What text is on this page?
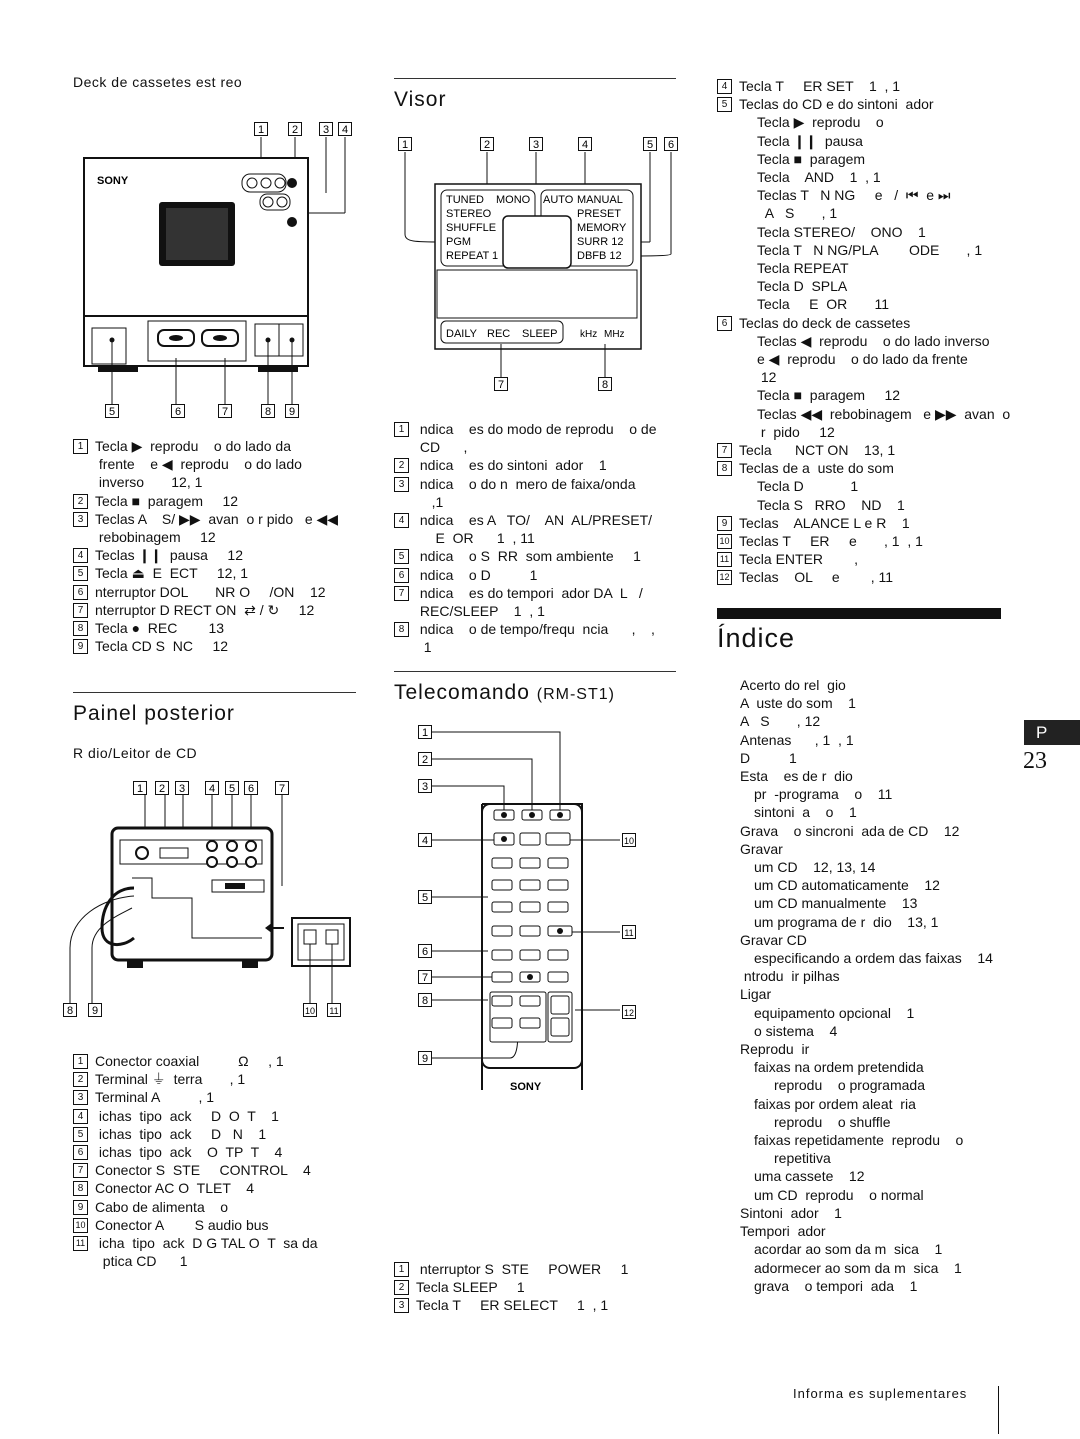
Deck de cassetes est reo
1	2 3 4
SONY
5	6	7	8 9
1 Tecla ▶  reprodu    o do lado da
frente    e ◀  reprodu    o do lado
inverso       12, 1
2 Tecla ■  paragem     12
3 Teclas A    S/ ▶▶  avan  o r pido   e ◀◀
rebobinagem     12
4 Teclas ❙❙  pausa     12
5 Tecla ⏏  E  ECT     12, 1
6 nterruptor DOL       NR O     /ON    12
7 nterruptor D RECT ON  ⇄ / ↻     12
8 Tecla ●  REC        13
9 Tecla CD S  NC     12
Painel posterior
R dio/Leitor de CD
1 2 3 4 5 6 7
8 9	10 11
1 Conector coaxial          Ω     , 1
2 Terminal ⏚  terra       , 1
3 Terminal A          , 1
4 ichas  tipo  ack     D  O  T    1
5 ichas  tipo  ack     D   N    1
6 ichas  tipo  ack    O  TP  T    4
7 Conector S  STE     CONTROL    4
8 Conector AC O  TLET    4
9 Cabo de alimenta    o
10 Conector A        S audio bus
11 icha  tipo  ack  D G TAL O  T  sa da
ptica CD      1
Visor
1	2	3	4	5 6
TUNED MONO
STEREO
SHUFFLE
PGM
REPEAT 1
AUTO MANUAL
PRESET
MEMORY
SURR 12
DBFB 12
DAILY REC SLEEP kHz MHz
7	8
1	ndica    es do modo de reprodu    o de
CD      ,
2 ndica    es do sintoni  ador    1
3	ndica    o do n  mero de faixa/onda
,1
4	ndica    es A   TO/    AN  AL/PRESET/
E  OR      1  , 11
5 ndica    o S  RR  som ambiente     1
6 ndica    o D          1
7	ndica    es do tempori  ador DA  L   /
REC/SLEEP    1  , 1
8	ndica    o de tempo/frequ  ncia      ,    ,
1
Telecomando (RM-ST1)
1
2
3
4
5
6
7
8
9
10
11
12
SONY
1 nterruptor S  STE     POWER     1
2 Tecla SLEEP     1
3 Tecla T     ER SELECT     1  , 1
4 Tecla T     ER SET    1  , 1
5 Teclas do CD e do sintoni  ador
Tecla ▶  reprodu    o
Tecla ❙❙  pausa
Tecla ■  paragem
Tecla    AND    1  , 1
Teclas T   N NG     e   /  ⏮  e ⏭
A   S       , 1
Tecla STEREO/    ONO    1
Tecla T   N NG/PLA        ODE       , 1
Tecla REPEAT
Tecla D  SPLA
Tecla     E  OR       11
6 Teclas do deck de cassetes
Teclas ◀  reprodu    o do lado inverso
e ◀  reprodu    o do lado da frente
12
Tecla ■  paragem     12
Teclas ◀◀  rebobinagem   e ▶▶  avan  o
r  pido     12
7 Tecla      NCT ON    13, 1
8 Teclas de a  uste do som
Tecla D            1
Tecla S   RRO    ND    1
9 Teclas    ALANCE L e R    1
10 Teclas T     ER     e       , 1  , 1
11 Tecla ENTER        ,
12 Teclas    OL     e        , 11
Índice
Acerto do rel  gio
A  uste do som    1
A   S       , 12
Antenas      , 1  , 1
D          1
Esta    es de r  dio
pr  -programa    o    11
sintoni  a    o    1
Grava    o sincroni  ada de CD    12
Gravar
um CD    12, 13, 14
um CD automaticamente    12
um CD manualmente    13
um programa de r  dio    13, 1
Gravar CD
especificando a ordem das faixas    14
ntrodu  ir pilhas
Ligar
equipamento opcional    1
o sistema    4
Reprodu  ir
faixas na ordem pretendida
reprodu    o programada
faixas por ordem aleat  ria
reprodu    o shuffle
faixas repetidamente  reprodu    o
repetitiva
uma cassete    12
um CD  reprodu    o normal
Sintoni  ador    1
Tempori  ador
acordar ao som da m  sica    1
adormecer ao som da m  sica    1
grava    o tempori  ada    1
P
23
Informa es suplementares
